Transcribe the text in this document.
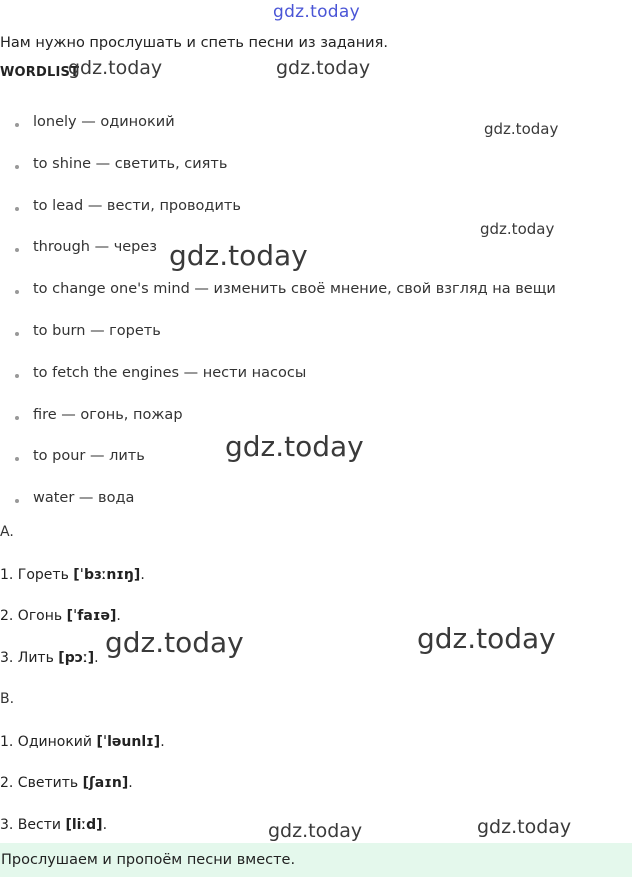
gdz.today
Нам нужно прослушать и спеть песни из задания.
WORDLIST
lonely — одинокий
to shine — светить, сиять
to lead — вести, проводить
through — через
to change one's mind — изменить своё мнение, свой взгляд на вещи
to burn — гореть
to fetch the engines — нести насосы
fire — огонь, пожар
to pour — лить
water — вода
A.
1. Гореть [ˈbɜːnɪŋ].
2. Огонь [ˈfaɪə].
3. Лить [pɔː].
B.
1. Одинокий [ˈləunlɪ].
2. Светить [ʃaɪn].
3. Вести [liːd].
Прослушаем и пропоём песни вместе.
gdz.today	gdz.today
gdz.today
gdz.today
gdz.today
gdz.today
gdz.today	gdz.today
gdz.today	gdz.today
